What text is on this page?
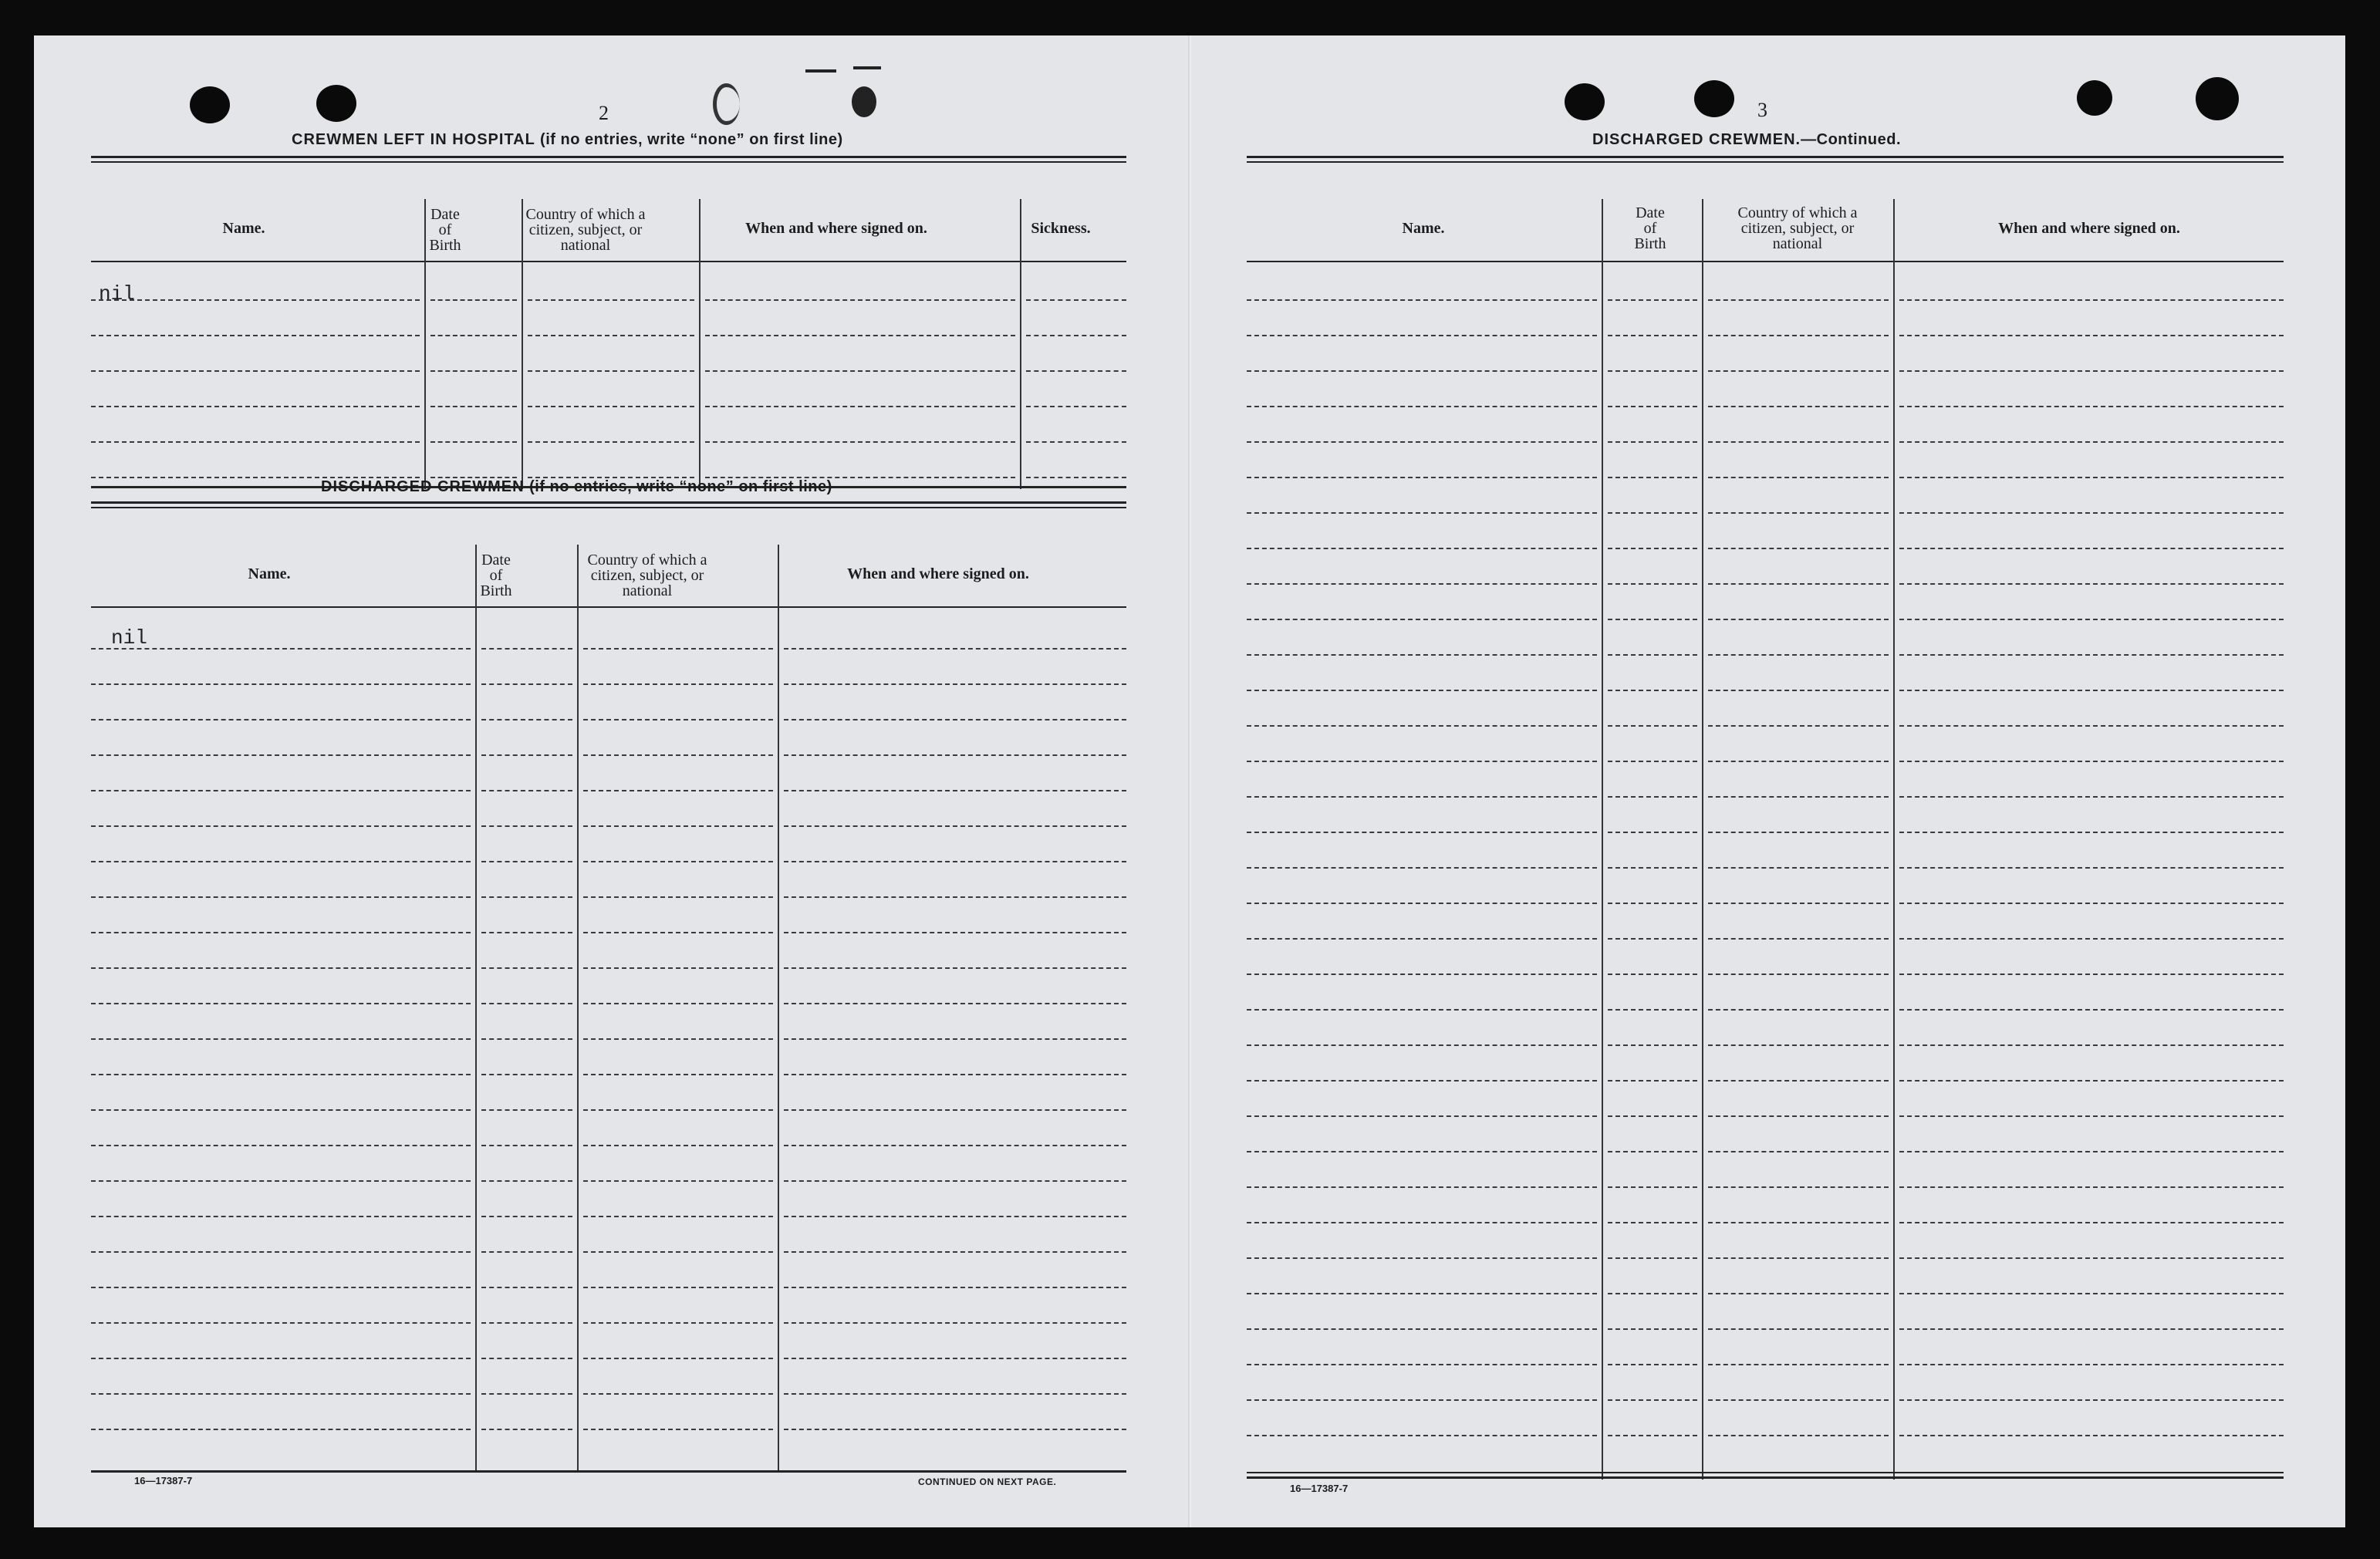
2
CREWMEN LEFT IN HOSPITAL (if no entries, write “none” on first line)
Name.
Date
of
Birth
Country of which a
citizen, subject, or
national
When and where signed on.	Sickness.
nil
DISCHARGED CREWMEN (if no entries, write “none” on first line)
Name.
Date
of
Birth
Country of which a
citizen, subject, or
national
When and where signed on.
nil
16—17387-7	CONTINUED ON NEXT PAGE.
3
DISCHARGED CREWMEN.—Continued.
Name.
Date
of
Birth
Country of which a
citizen, subject, or
national
When and where signed on.
16—17387-7
